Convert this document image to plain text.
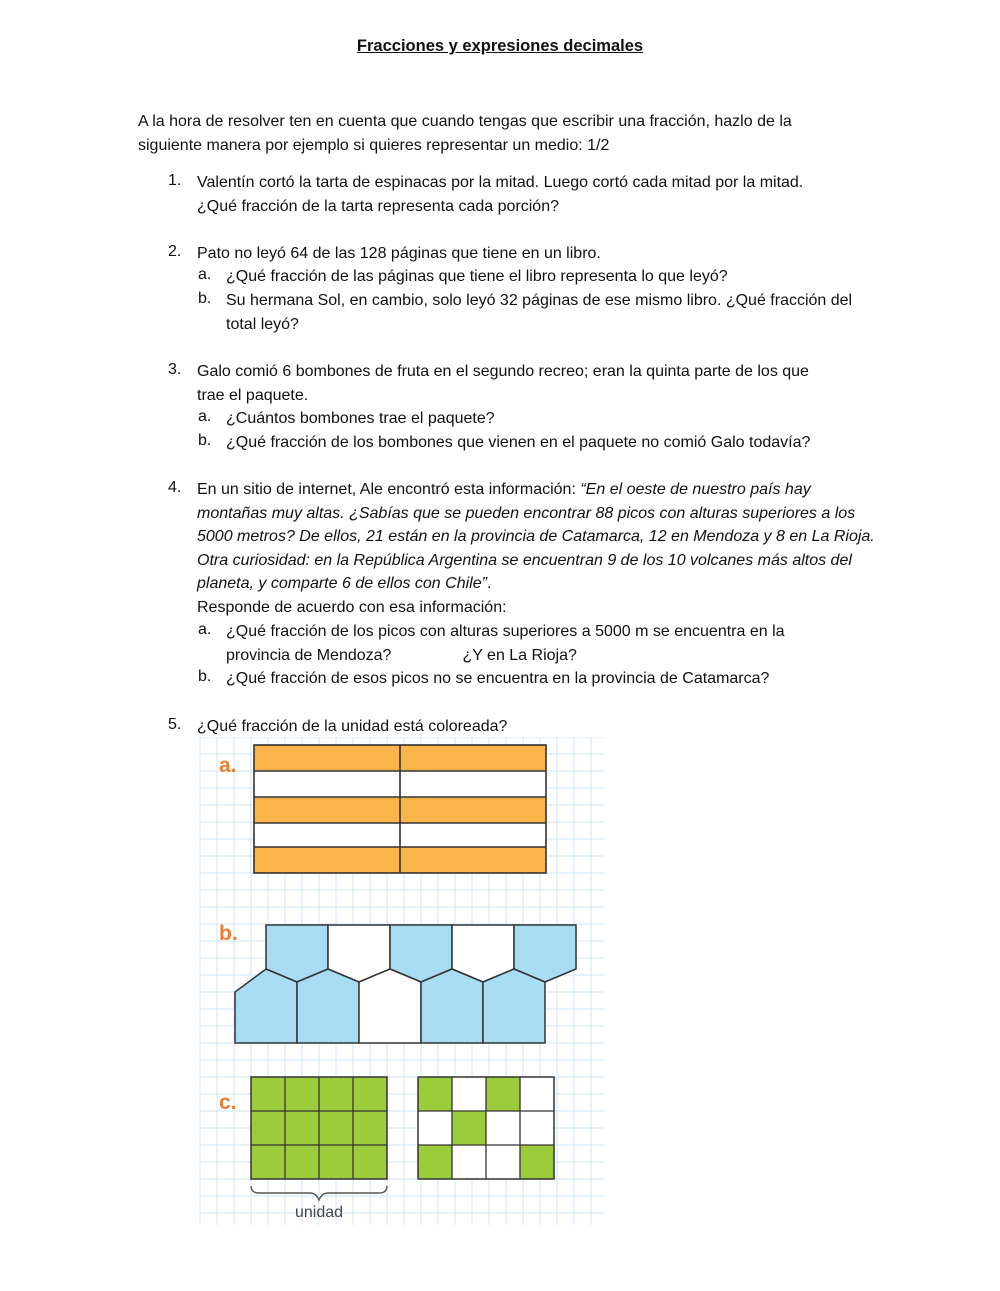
Fracciones y expresiones decimales
A la hora de resolver ten en cuenta que cuando tengas que escribir una fracción, hazlo de la
siguiente manera por ejemplo si quieres representar un medio: 1/2
1. Valentín cortó la tarta de espinacas por la mitad. Luego cortó cada mitad por la mitad.
¿Qué fracción de la tarta representa cada porción?
2. Pato no leyó 64 de las 128 páginas que tiene en un libro.
a. ¿Qué fracción de las páginas que tiene el libro representa lo que leyó?
b. Su hermana Sol, en cambio, solo leyó 32 páginas de ese mismo libro. ¿Qué fracción del
total leyó?
3. Galo comió 6 bombones de fruta en el segundo recreo; eran la quinta parte de los que
trae el paquete.
a. ¿Cuántos bombones trae el paquete?
b. ¿Qué fracción de los bombones que vienen en el paquete no comió Galo todavía?
4. En un sitio de internet, Ale encontró esta información: “En el oeste de nuestro país hay
montañas muy altas. ¿Sabías que se pueden encontrar 88 picos con alturas superiores a los
5000 metros? De ellos, 21 están en la provincia de Catamarca, 12 en Mendoza y 8 en La Rioja.
Otra curiosidad: en la República Argentina se encuentran 9 de los 10 volcanes más altos del
planeta, y comparte 6 de ellos con Chile”.
Responde de acuerdo con esa información:
a. ¿Qué fracción de los picos con alturas superiores a 5000 m se encuentra en la
provincia de Mendoza?	¿Y en La Rioja?
b. ¿Qué fracción de esos picos no se encuentra en la provincia de Catamarca?
5. ¿Qué fracción de la unidad está coloreada?
a.
b.
c.
unidad
